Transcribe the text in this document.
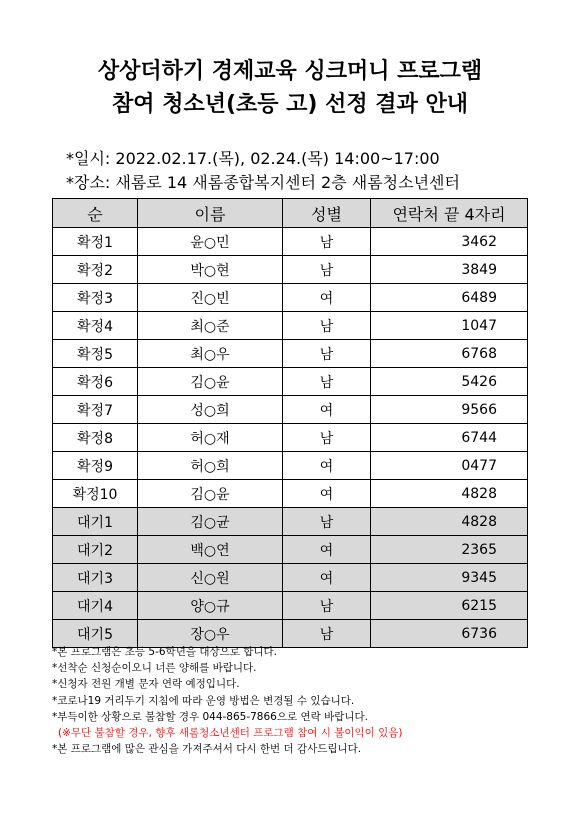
상상더하기 경제교육 싱크머니 프로그램
참여 청소년(초등 고) 선정 결과 안내
*일시: 2022.02.17.(목), 02.24.(목) 14:00~17:00
*장소: 새롬로 14 새롬종합복지센터 2층 새롬청소년센터
순	이름	성별	연락처 끝 4자리
확정1	윤○민	남	3462
확정2	박○현	남	3849
확정3	진○빈	여	6489
확정4	최○준	남	1047
확정5	최○우	남	6768
확정6	김○윤	남	5426
확정7	성○희	여	9566
확정8	허○재	남	6744
확정9	허○희	여	0477
확정10	김○윤	여	4828
대기1	김○균	남	4828
대기2	백○연	여	2365
대기3	신○원	여	9345
대기4	양○규	남	6215
대기5	장○우	남	6736
*본 프로그램은 초등 5-6학년을 대상으로 합니다.
*선착순 신청순이오니 너른 양해를 바랍니다.
*신청자 전원 개별 문자 연락 예정입니다.
*코로나19 거리두기 지침에 따라 운영 방법은 변경될 수 있습니다.
*부득이한 상황으로 불참할 경우 044-865-7866으로 연락 바랍니다.
(※무단 불참할 경우, 향후 새롬청소년센터 프로그램 참여 시 불이익이 있음)
*본 프로그램에 많은 관심을 가져주셔서 다시 한번 더 감사드립니다.
